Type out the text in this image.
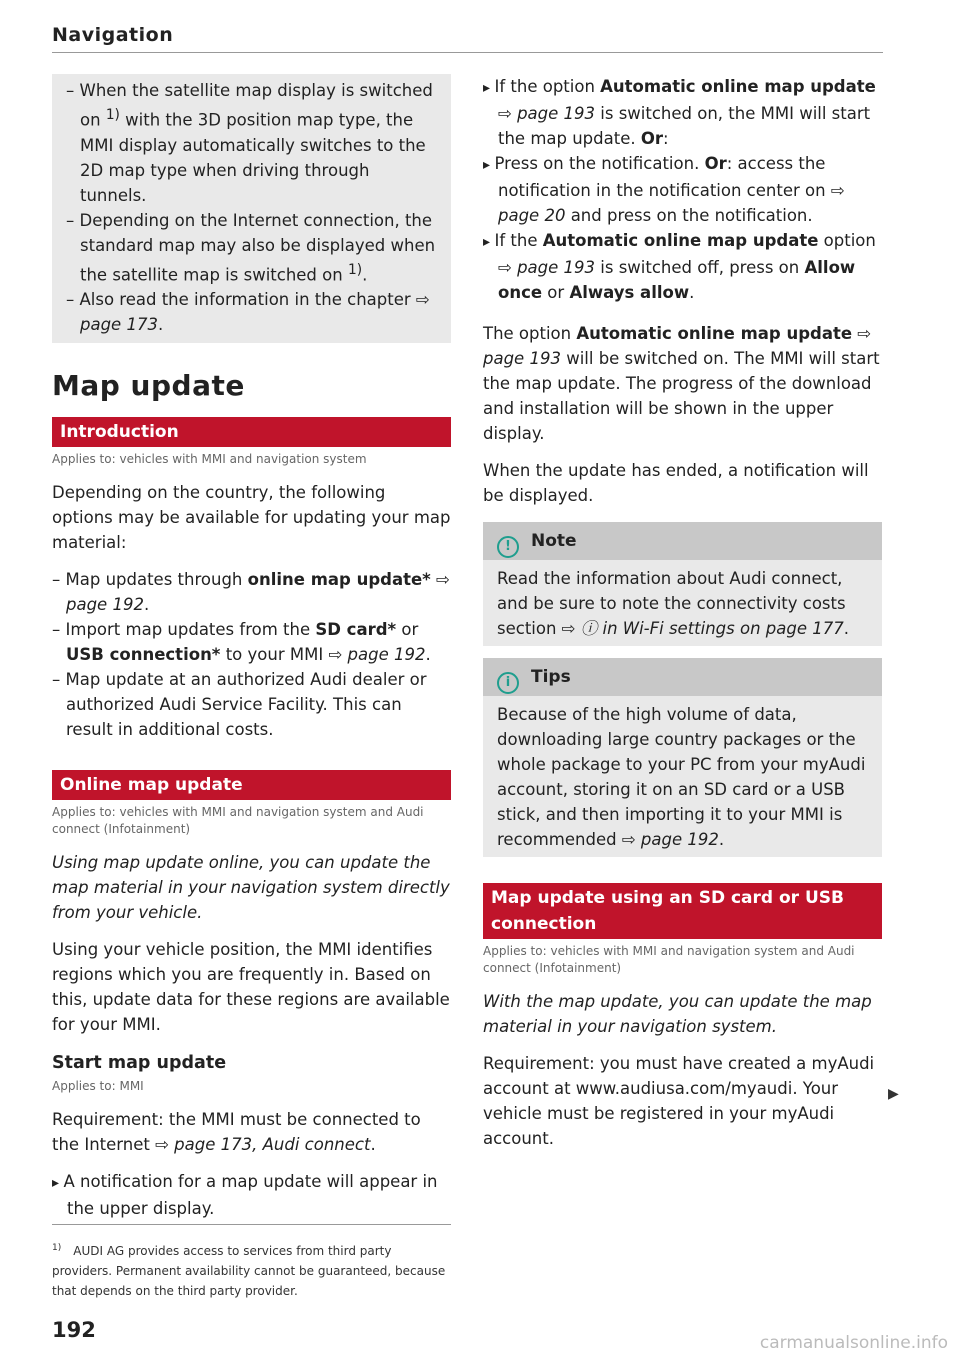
Navigation

– When the satellite map display is switched on $^{1)}$ with the 3D position map type, the MMI display automatically switches to the 2D map type when driving through tunnels.

– Depending on the Internet connection, the standard map may also be displayed when the satellite map is switched on $^{1)}$.

– Also read the information in the chapter ⇨ page 173.

Map update
Introduction
Applies to: vehicles with MMI and navigation system

Depending on the country, the following options may be available for updating your map material:

– Map updates through online map update* ⇨ page 192.

– Import map updates from the SD card* or USB connection* to your MMI ⇨ page 192.

– Map update at an authorized Audi dealer or authorized Audi Service Facility. This can result in additional costs.

Online map update
Applies to: vehicles with MMI and navigation system and Audi connect (Infotainment)

Using map update online, you can update the map material in your navigation system directly from your vehicle.

Using your vehicle position, the MMI identifies regions which you are frequently in. Based on this, update data for these regions are available for your MMI.

Start map update
Applies to: MMI

Requirement: the MMI must be connected to the Internet ⇨ page 173, Audi connect.

▸ A notification for a map update will appear in the upper display.

$^{1)}$ AUDI AG provides access to services from third party providers. Permanent availability cannot be guaranteed, because that depends on the third party provider.
192

▸ If the option Automatic online map update ⇨ page 193 is switched on, the MMI will start the map update. Or:

▸ Press on the notification. Or: access the notification in the notification center on ⇨ page 20 and press on the notification.

▸ If the Automatic online map update option ⇨ page 193 is switched off, press on Allow once or Always allow.

The option Automatic online map update ⇨ page 193 will be switched on. The MMI will start the map update. The progress of the download and installation will be shown in the upper display.

When the update has ended, a notification will be displayed.

! Note

Read the information about Audi connect, and be sure to note the connectivity costs section ⇨ ⓘ in Wi-Fi settings on page 177.

i Tips

Because of the high volume of data, downloading large country packages or the whole package to your PC from your myAudi account, storing it on an SD card or a USB stick, and then importing it to your MMI is recommended ⇨ page 192.

Map update using an SD card or USB connection
Applies to: vehicles with MMI and navigation system and Audi connect (Infotainment)

With the map update, you can update the map material in your navigation system.

Requirement: you must have created a myAudi account at www.audiusa.com/myaudi. Your vehicle must be registered in your myAudi account.

▶
carmanualsonline.info
